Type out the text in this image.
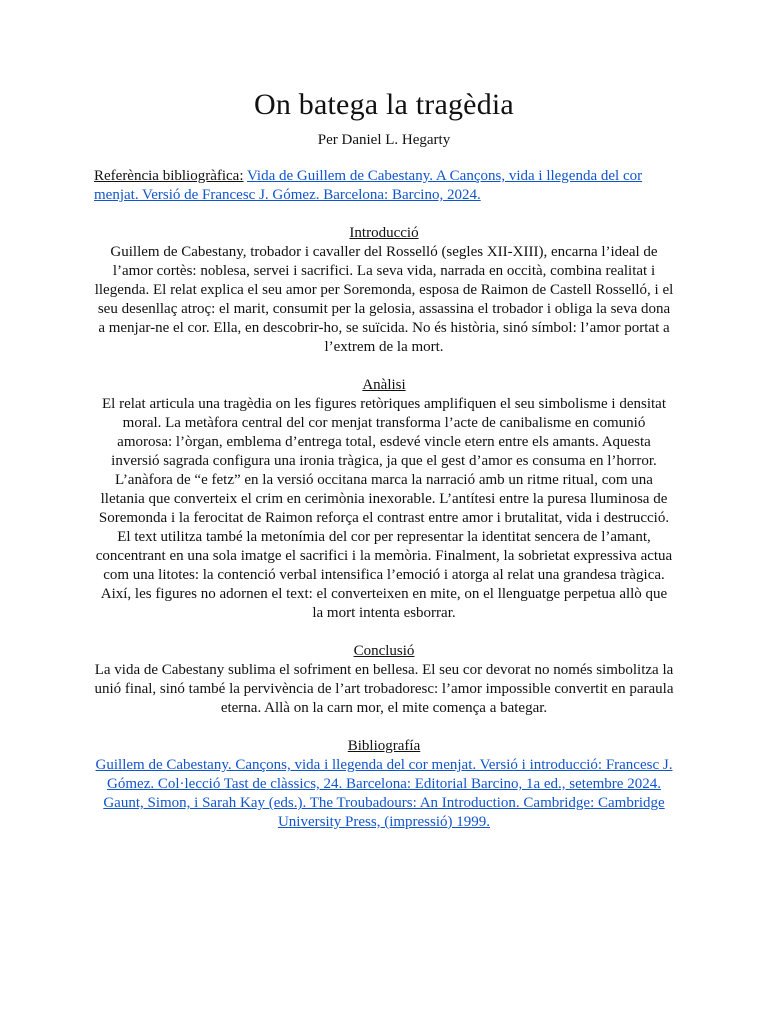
On batega la tragèdia
Per Daniel L. Hegarty
Referència bibliogràfica: Vida de Guillem de Cabestany. A Cançons, vida i llegenda del cor menjat. Versió de Francesc J. Gómez. Barcelona: Barcino, 2024.
Introducció

Guillem de Cabestany, trobador i cavaller del Rosselló (segles XII-XIII), encarna l’ideal de l’amor cortès: noblesa, servei i sacrifici. La seva vida, narrada en occità, combina realitat i llegenda. El relat explica el seu amor per Soremonda, esposa de Raimon de Castell Rosselló, i el seu desenllaç atroç: el marit, consumit per la gelosia, assassina el trobador i obliga la seva dona a menjar-ne el cor. Ella, en descobrir-ho, se suïcida. No és història, sinó símbol: l’amor portat a l’extrem de la mort.

Anàlisi

El relat articula una tragèdia on les figures retòriques amplifiquen el seu simbolisme i densitat moral. La metàfora central del cor menjat transforma l’acte de canibalisme en comunió amorosa: l’òrgan, emblema d’entrega total, esdevé vincle etern entre els amants. Aquesta inversió sagrada configura una ironia tràgica, ja que el gest d’amor es consuma en l’horror.

L’anàfora de “e fetz” en la versió occitana marca la narració amb un ritme ritual, com una lletania que converteix el crim en cerimònia inexorable. L’antítesi entre la puresa lluminosa de Soremonda i la ferocitat de Raimon reforça el contrast entre amor i brutalitat, vida i destrucció.

El text utilitza també la metonímia del cor per representar la identitat sencera de l’amant, concentrant en una sola imatge el sacrifici i la memòria. Finalment, la sobrietat expressiva actua com una litotes: la contenció verbal intensifica l’emoció i atorga al relat una grandesa tràgica. Així, les figures no adornen el text: el converteixen en mite, on el llenguatge perpetua allò que la mort intenta esborrar.

Conclusió

La vida de Cabestany sublima el sofriment en bellesa. El seu cor devorat no només simbolitza la unió final, sinó també la pervivència de l’art trobadoresc: l’amor impossible convertit en paraula eterna. Allà on la carn mor, el mite comença a bategar.

Bibliografía
Guillem de Cabestany. Cançons, vida i llegenda del cor menjat. Versió i introducció: Francesc J. Gómez. Col·lecció Tast de clàssics, 24. Barcelona: Editorial Barcino, 1a ed., setembre 2024.
Gaunt, Simon, i Sarah Kay (eds.). The Troubadours: An Introduction. Cambridge: Cambridge University Press, (impressió) 1999.
